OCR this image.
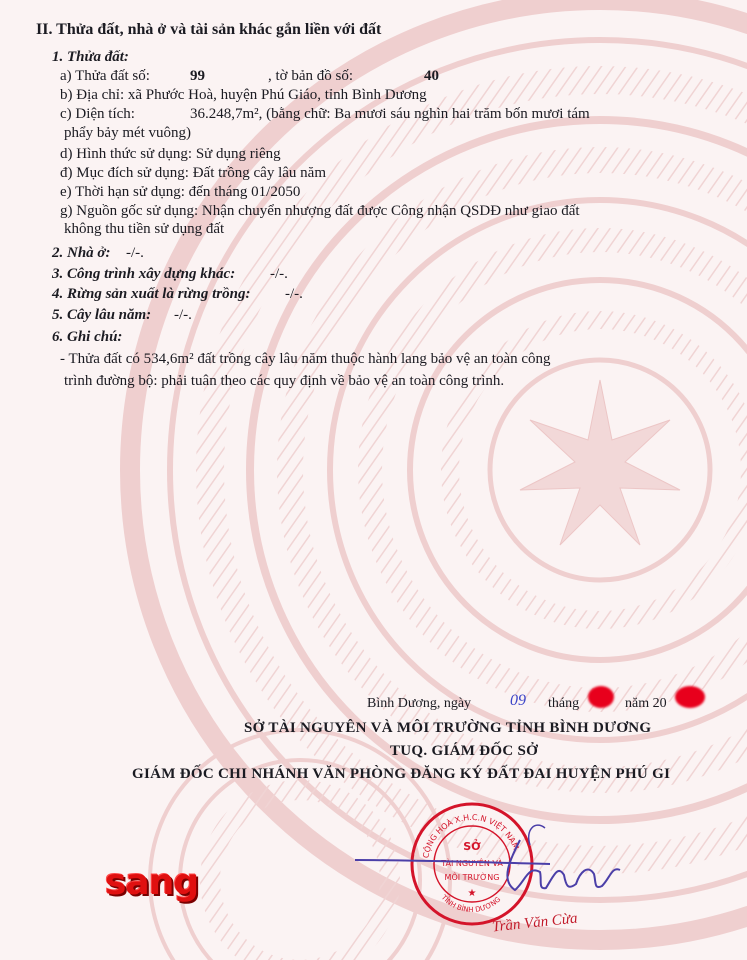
II. Thửa đất, nhà ở và tài sản khác gắn liền với đất
1. Thửa đất:
a) Thửa đất số:	99	, tờ bản đồ số:	40
b) Địa chỉ: xã Phước Hoà, huyện Phú Giáo, tỉnh Bình Dương
c) Diện tích:	36.248,7m², (bằng chữ: Ba mươi sáu nghìn hai trăm bốn mươi tám
phẩy bảy mét vuông)
d) Hình thức sử dụng: Sử dụng riêng
đ) Mục đích sử dụng: Đất trồng cây lâu năm
e) Thời hạn sử dụng: đến tháng 01/2050
g) Nguồn gốc sử dụng: Nhận chuyển nhượng đất được Công nhận QSDĐ như giao đất
không thu tiền sử dụng đất
2. Nhà ở: -/-.
3. Công trình xây dựng khác: -/-.
4. Rừng sản xuất là rừng trồng: -/-.
5. Cây lâu năm: -/-.
6. Ghi chú:
- Thửa đất có 534,6m² đất trồng cây lâu năm thuộc hành lang bảo vệ an toàn công
trình đường bộ: phải tuân theo các quy định về bảo vệ an toàn công trình.
Bình Dương, ngày 09 tháng	năm 20
SỞ TÀI NGUYÊN VÀ MÔI TRƯỜNG TỈNH BÌNH DƯƠNG
TUQ. GIÁM ĐỐC SỞ
GIÁM ĐỐC CHI NHÁNH VĂN PHÒNG ĐĂNG KÝ ĐẤT ĐAI HUYỆN PHÚ GI
CỘNG HOÀ X.H.C.N VIỆT NAM
TỈNH BÌNH DƯƠNG
SỞ
TÀI NGUYÊN VÀ
MÔI TRƯỜNG
★
Trần Văn Cừa
sang
